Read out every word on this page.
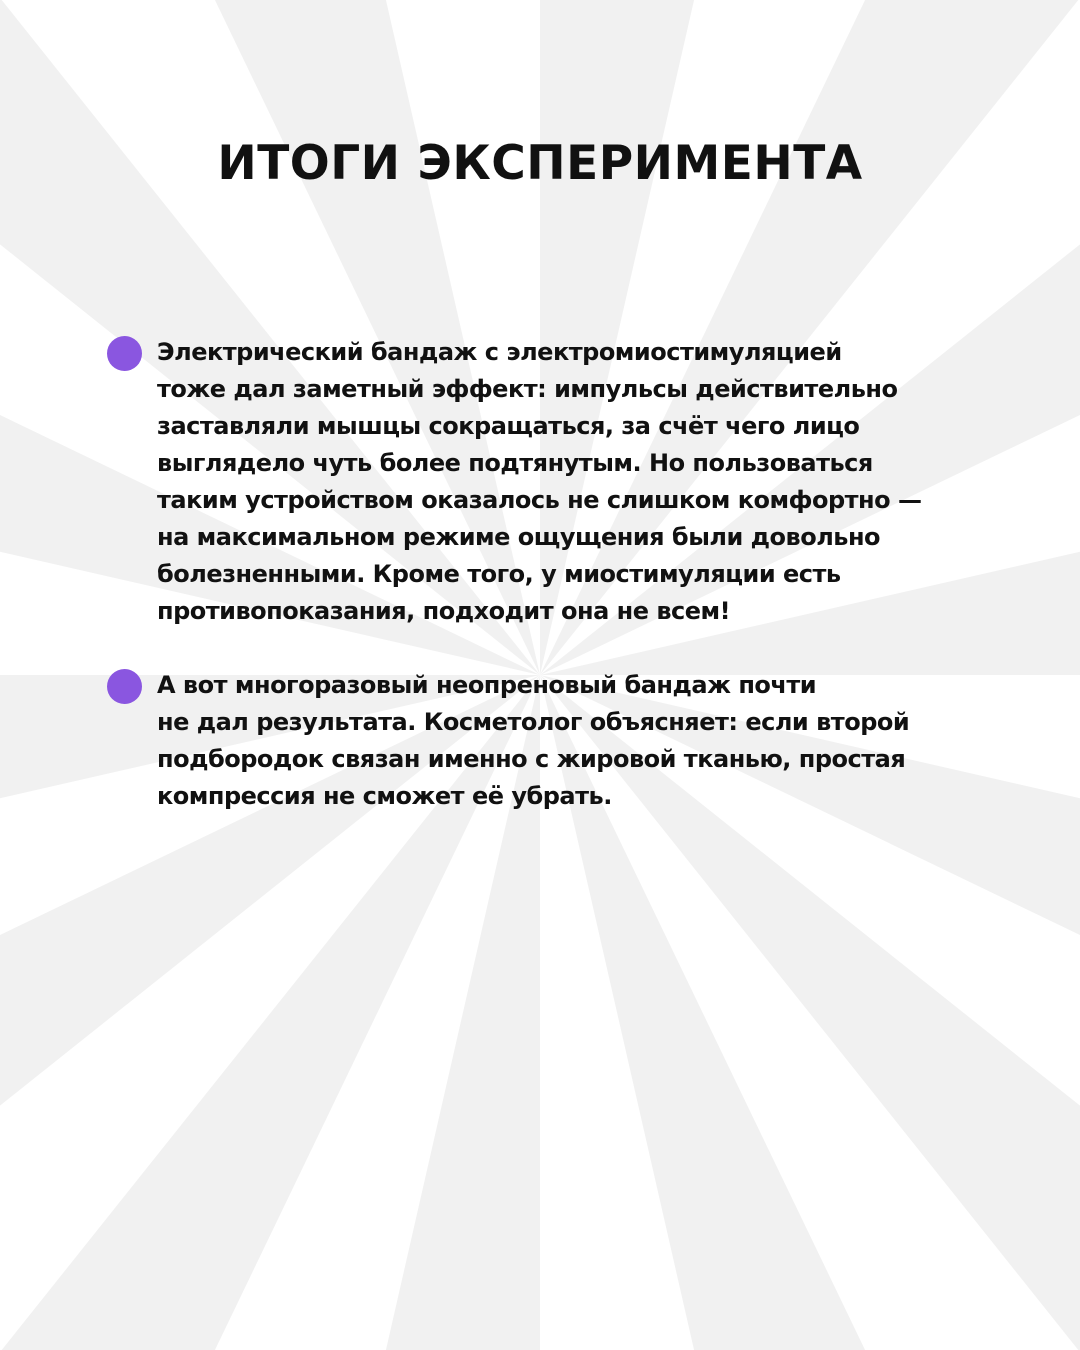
ИТОГИ ЭКСПЕРИМЕНТА

Электрический бандаж с электромиостимуляцией
тоже дал заметный эффект: импульсы действительно
заставляли мышцы сокращаться, за счёт чего лицо
выглядело чуть более подтянутым. Но пользоваться
таким устройством оказалось не слишком комфортно —
на максимальном режиме ощущения были довольно
болезненными. Кроме того, у миостимуляции есть
противопоказания, подходит она не всем!

А вот многоразовый неопреновый бандаж почти
не дал результата. Косметолог объясняет: если второй
подбородок связан именно с жировой тканью, простая
компрессия не сможет её убрать.
